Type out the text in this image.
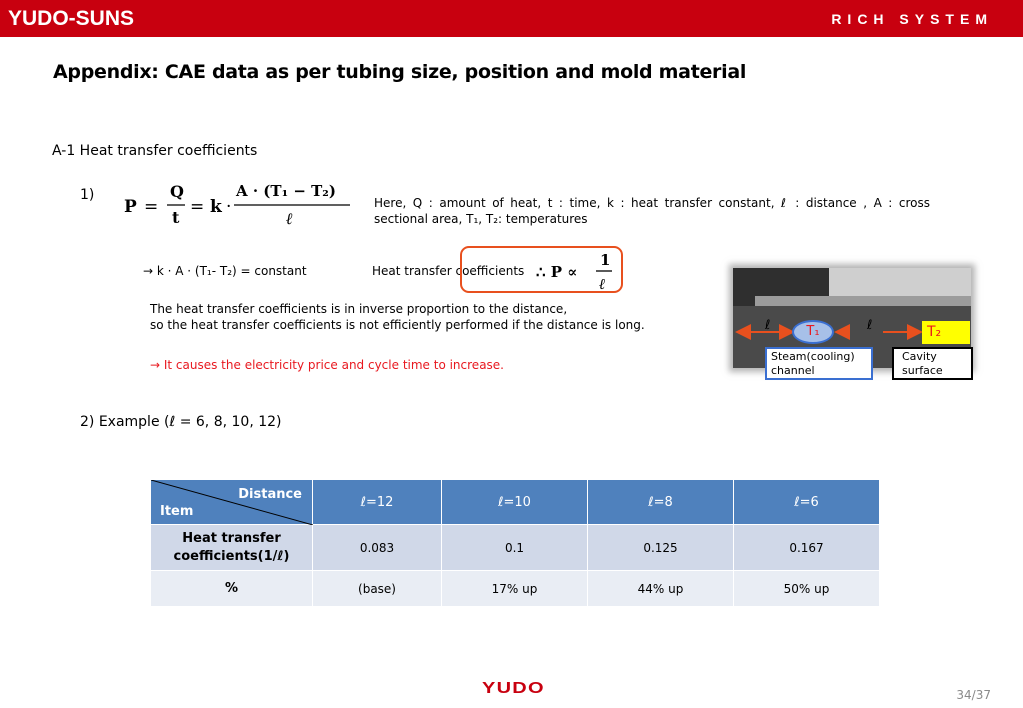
YUDO-SUNS	RICH SYSTEM
Appendix: CAE data as per tubing size, position and mold material
A-1 Heat transfer coefficients
1)
P =
Q
t
= k ·
A · (T₁ − T₂)
ℓ
Here, Q : amount of heat, t : time, k : heat transfer constant, ℓ : distance , A : cross sectional area, T₁, T₂: temperatures
→ k · A · (T₁- T₂) = constant	Heat transfer coefficients ∴ P ∝
1
ℓ
The heat transfer coefficients is in inverse proportion to the distance,
so the heat transfer coefficients is not efficiently performed if the distance is long.
→ It causes the electricity price and cycle time to increase.
ℓ	ℓ
T₁	T₂
Steam(cooling) channel
Cavity surface
2) Example (ℓ = 6, 8, 10, 12)
Distance
Item	ℓ=12	ℓ=10	ℓ=8	ℓ=6

Heat transfer coefficients(1/ℓ)	0.083	0.1	0.125	0.167
%	(base)	17% up	44% up	50% up
YUDO	34/37
